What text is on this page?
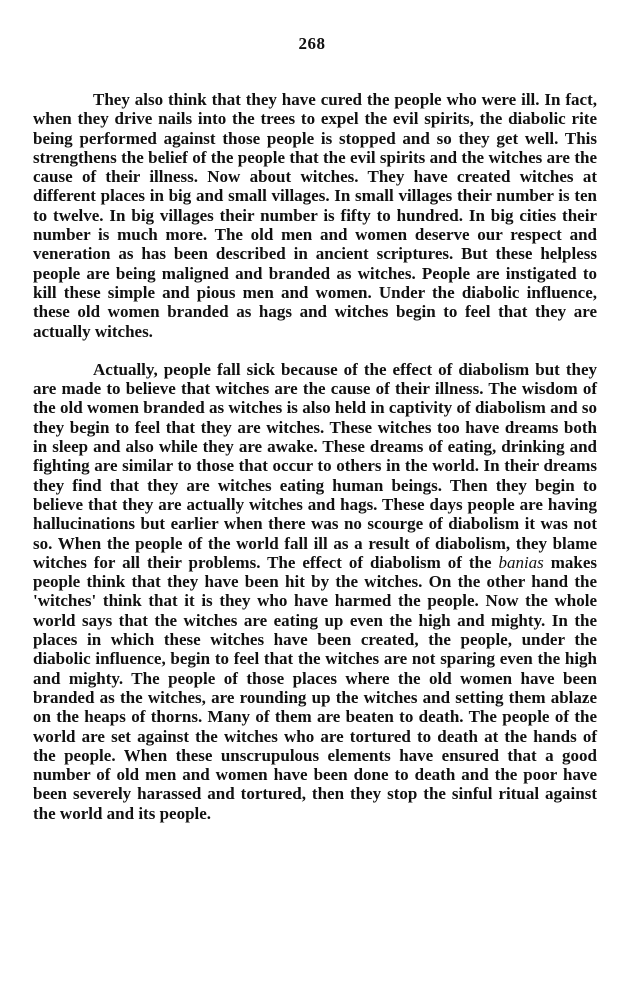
268

They also think that they have cured the people who were ill. In fact, when they drive nails into the trees to expel the evil spirits, the diabolic rite being performed against those people is stopped and so they get well. This strengthens the belief of the people that the evil spirits and the witches are the cause of their illness. Now about witches. They have created witches at different places in big and small villages. In small villages their number is ten to twelve. In big villages their number is fifty to hundred. In big cities their number is much more. The old men and women deserve our respect and veneration as has been described in ancient scriptures. But these helpless people are being maligned and branded as witches. People are instigated to kill these simple and pious men and women. Under the diabolic influence, these old women branded as hags and witches begin to feel that they are actually witches.

Actually, people fall sick because of the effect of diabolism but they are made to believe that witches are the cause of their illness. The wisdom of the old women branded as witches is also held in captivity of diabolism and so they begin to feel that they are witches. These witches too have dreams both in sleep and also while they are awake. These dreams of eating, drinking and fighting are similar to those that occur to others in the world. In their dreams they find that they are witches eating human beings. Then they begin to believe that they are actually witches and hags. These days people are having hallucinations but earlier when there was no scourge of diabolism it was not so. When the people of the world fall ill as a result of diabolism, they blame witches for all their problems. The effect of diabolism of the banias makes people think that they have been hit by the witches. On the other hand the 'witches' think that it is they who have harmed the people. Now the whole world says that the witches are eating up even the high and mighty. In the places in which these witches have been created, the people, under the diabolic influence, begin to feel that the witches are not sparing even the high and mighty. The people of those places where the old women have been branded as the witches, are rounding up the witches and setting them ablaze on the heaps of thorns. Many of them are beaten to death. The people of the world are set against the witches who are tortured to death at the hands of the people. When these unscrupulous elements have ensured that a good number of old men and women have been done to death and the poor have been severely harassed and tortured, then they stop the sinful ritual against the world and its people.
